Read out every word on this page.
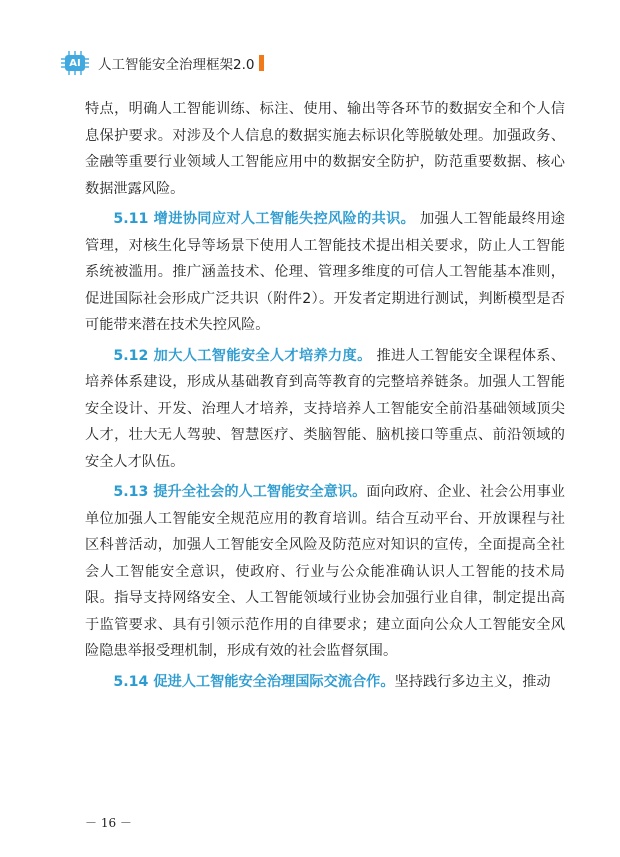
AI 人工智能安全治理框架2.0

特点，明确人工智能训练、标注、使用、输出等各环节的数据安全和个人信息保护要求。对涉及个人信息的数据实施去标识化等脱敏处理。加强政务、金融等重要行业领域人工智能应用中的数据安全防护，防范重要数据、核心数据泄露风险。

5.11 增进协同应对人工智能失控风险的共识。 加强人工智能最终用途管理，对核生化导等场景下使用人工智能技术提出相关要求，防止人工智能系统被滥用。推广涵盖技术、伦理、管理多维度的可信人工智能基本准则，促进国际社会形成广泛共识（附件2）。开发者定期进行测试，判断模型是否可能带来潜在技术失控风险。

5.12 加大人工智能安全人才培养力度。 推进人工智能安全课程体系、培养体系建设，形成从基础教育到高等教育的完整培养链条。加强人工智能安全设计、开发、治理人才培养，支持培养人工智能安全前沿基础领域顶尖人才，壮大无人驾驶、智慧医疗、类脑智能、脑机接口等重点、前沿领域的安全人才队伍。

5.13 提升全社会的人工智能安全意识。面向政府、企业、社会公用事业单位加强人工智能安全规范应用的教育培训。结合互动平台、开放课程与社区科普活动，加强人工智能安全风险及防范应对知识的宣传，全面提高全社会人工智能安全意识，使政府、行业与公众能准确认识人工智能的技术局限。指导支持网络安全、人工智能领域行业协会加强行业自律，制定提出高于监管要求、具有引领示范作用的自律要求；建立面向公众人工智能安全风险隐患举报受理机制，形成有效的社会监督氛围。

5.14 促进人工智能安全治理国际交流合作。坚持践行多边主义，推动

－ 16 －
